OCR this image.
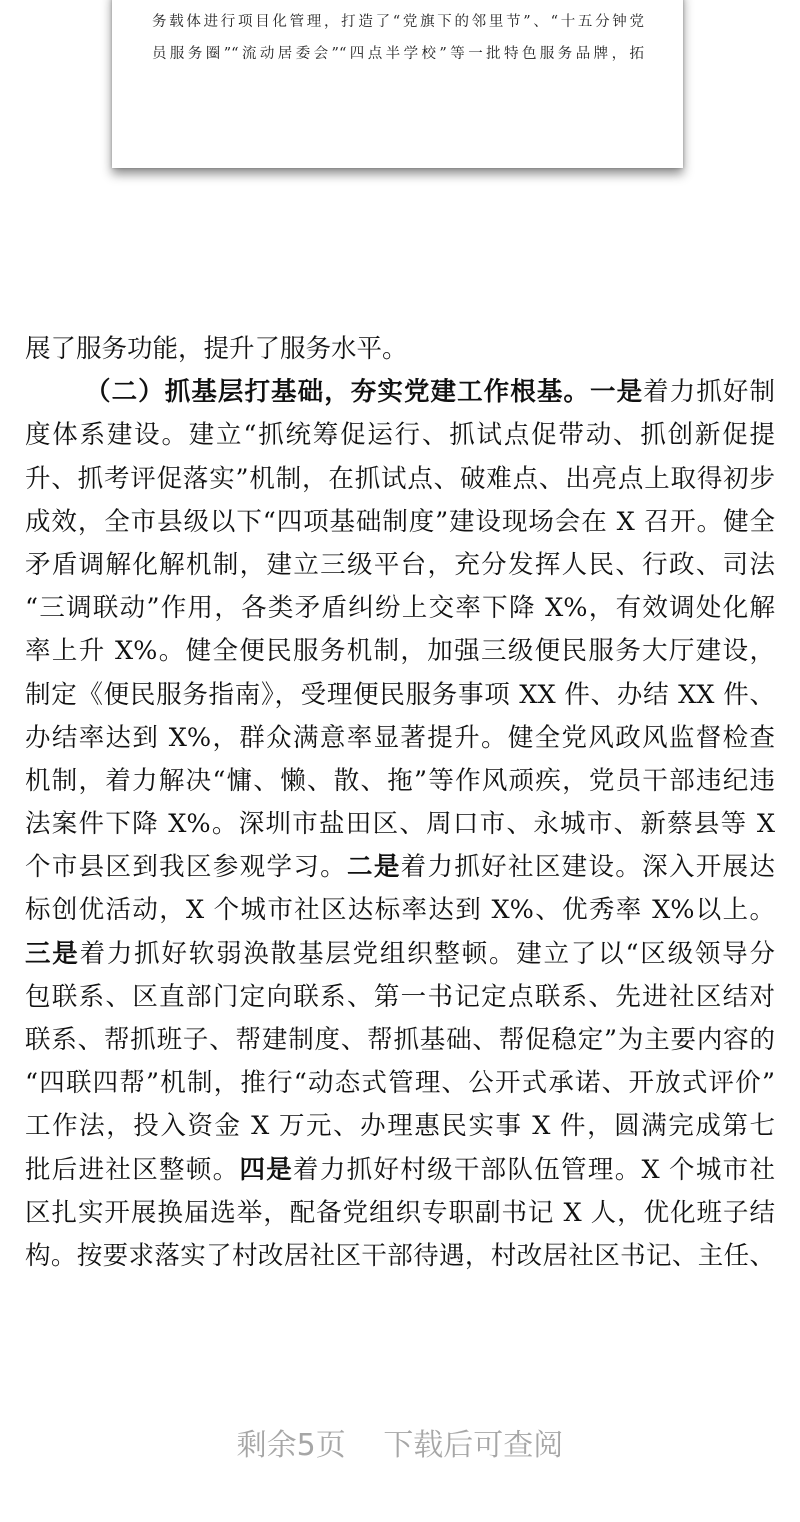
务载体进行项目化管理，打造了“党旗下的邻里节”、“十五分钟党
员服务圈”“流动居委会”“四点半学校”等一批特色服务品牌，拓
展了服务功能，提升了服务水平。
（二）抓基层打基础，夯实党建工作根基。一是着力抓好制
度体系建设。建立“抓统筹促运行、抓试点促带动、抓创新促提
升、抓考评促落实”机制，在抓试点、破难点、出亮点上取得初步
成效，全市县级以下“四项基础制度”建设现场会在 X 召开。健全
矛盾调解化解机制，建立三级平台，充分发挥人民、行政、司法
“三调联动”作用，各类矛盾纠纷上交率下降 X%，有效调处化解
率上升 X%。健全便民服务机制，加强三级便民服务大厅建设，
制定《便民服务指南》，受理便民服务事项 XX 件、办结 XX 件、
办结率达到 X%，群众满意率显著提升。健全党风政风监督检查
机制，着力解决“慵、懒、散、拖”等作风顽疾，党员干部违纪违
法案件下降 X%。深圳市盐田区、周口市、永城市、新蔡县等 X
个市县区到我区参观学习。二是着力抓好社区建设。深入开展达
标创优活动，X 个城市社区达标率达到 X%、优秀率 X%以上。
三是着力抓好软弱涣散基层党组织整顿。建立了以“区级领导分
包联系、区直部门定向联系、第一书记定点联系、先进社区结对
联系、帮抓班子、帮建制度、帮抓基础、帮促稳定”为主要内容的
“四联四帮”机制，推行“动态式管理、公开式承诺、开放式评价”
工作法，投入资金 X 万元、办理惠民实事 X 件，圆满完成第七
批后进社区整顿。四是着力抓好村级干部队伍管理。X 个城市社
区扎实开展换届选举，配备党组织专职副书记 X 人，优化班子结
构。按要求落实了村改居社区干部待遇，村改居社区书记、主任、
剩余5页 下载后可查阅
